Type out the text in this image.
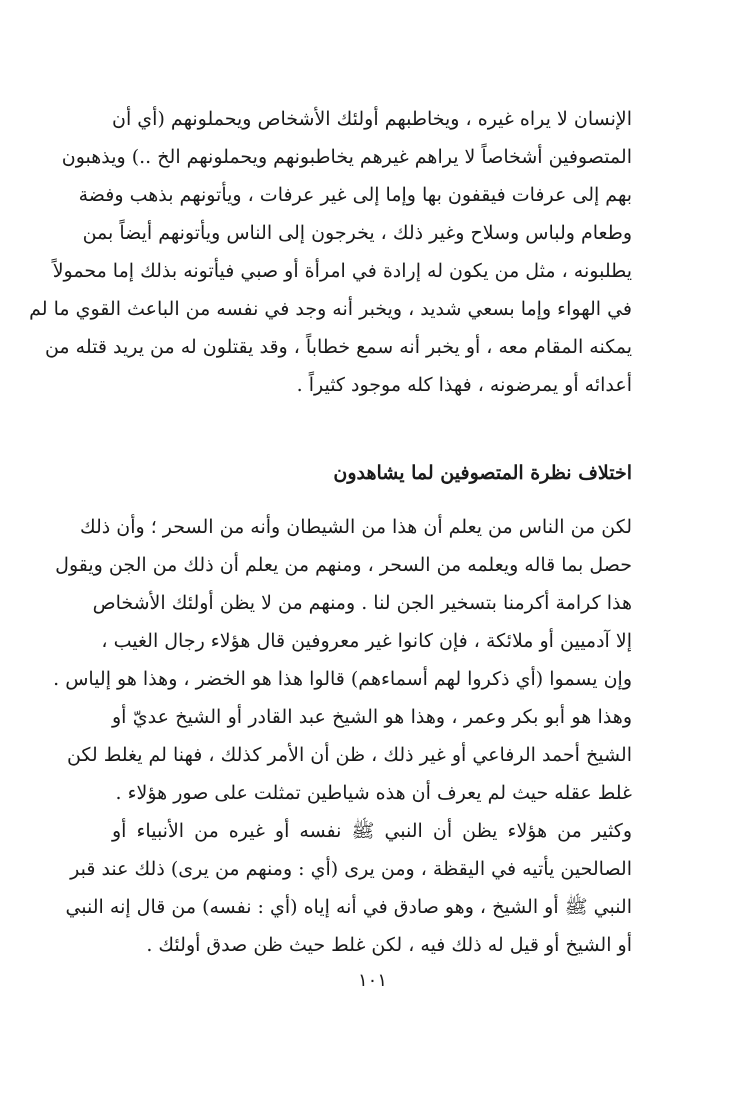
الإنسان لا يراه غيره ، ويخاطبهم أولئك الأشخاص ويحملونهم (أي أن
المتصوفين أشخاصاً لا يراهم غيرهم يخاطبونهم ويحملونهم الخ ..) ويذهبون
بهم إلى عرفات فيقفون بها وإما إلى غير عرفات ، ويأتونهم بذهب وفضة
وطعام ولباس وسلاح وغير ذلك ، يخرجون إلى الناس ويأتونهم أيضاً بمن
يطلبونه ، مثل من يكون له إرادة في امرأة أو صبي فيأتونه بذلك إما محمولاً
في الهواء وإما بسعي شديد ، ويخبر أنه وجد في نفسه من الباعث القوي ما لم
يمكنه المقام معه ، أو يخبر أنه سمع خطاباً ، وقد يقتلون له من يريد قتله من
أعدائه أو يمرضونه ، فهذا كله موجود كثيراً .
اختلاف نظرة المتصوفين لما يشاهدون
لكن من الناس من يعلم أن هذا من الشيطان وأنه من السحر ؛ وأن ذلك
حصل بما قاله ويعلمه من السحر ، ومنهم من يعلم أن ذلك من الجن ويقول
هذا كرامة أكرمنا بتسخير الجن لنا . ومنهم من لا يظن أولئك الأشخاص
إلا آدميين أو ملائكة ، فإن كانوا غير معروفين قال هؤلاء رجال الغيب ،
وإن يسموا (أي ذكروا لهم أسماءهم) قالوا هذا هو الخضر ، وهذا هو إلياس .
وهذا هو أبو بكر وعمر ، وهذا هو الشيخ عبد القادر أو الشيخ عديّ أو
الشيخ أحمد الرفاعي أو غير ذلك ، ظن أن الأمر كذلك ، فهنا لم يغلط لكن
غلط عقله حيث لم يعرف أن هذه شياطين تمثلت على صور هؤلاء .
وكثير من هؤلاء يظن أن النبي ﷺ نفسه أو غيره من الأنبياء أو
الصالحين يأتيه في اليقظة ، ومن يرى (أي : ومنهم من يرى) ذلك عند قبر
النبي ﷺ أو الشيخ ، وهو صادق في أنه إياه (أي : نفسه) من قال إنه النبي
أو الشيخ أو قيل له ذلك فيه ، لكن غلط حيث ظن صدق أولئك .
١٠١
